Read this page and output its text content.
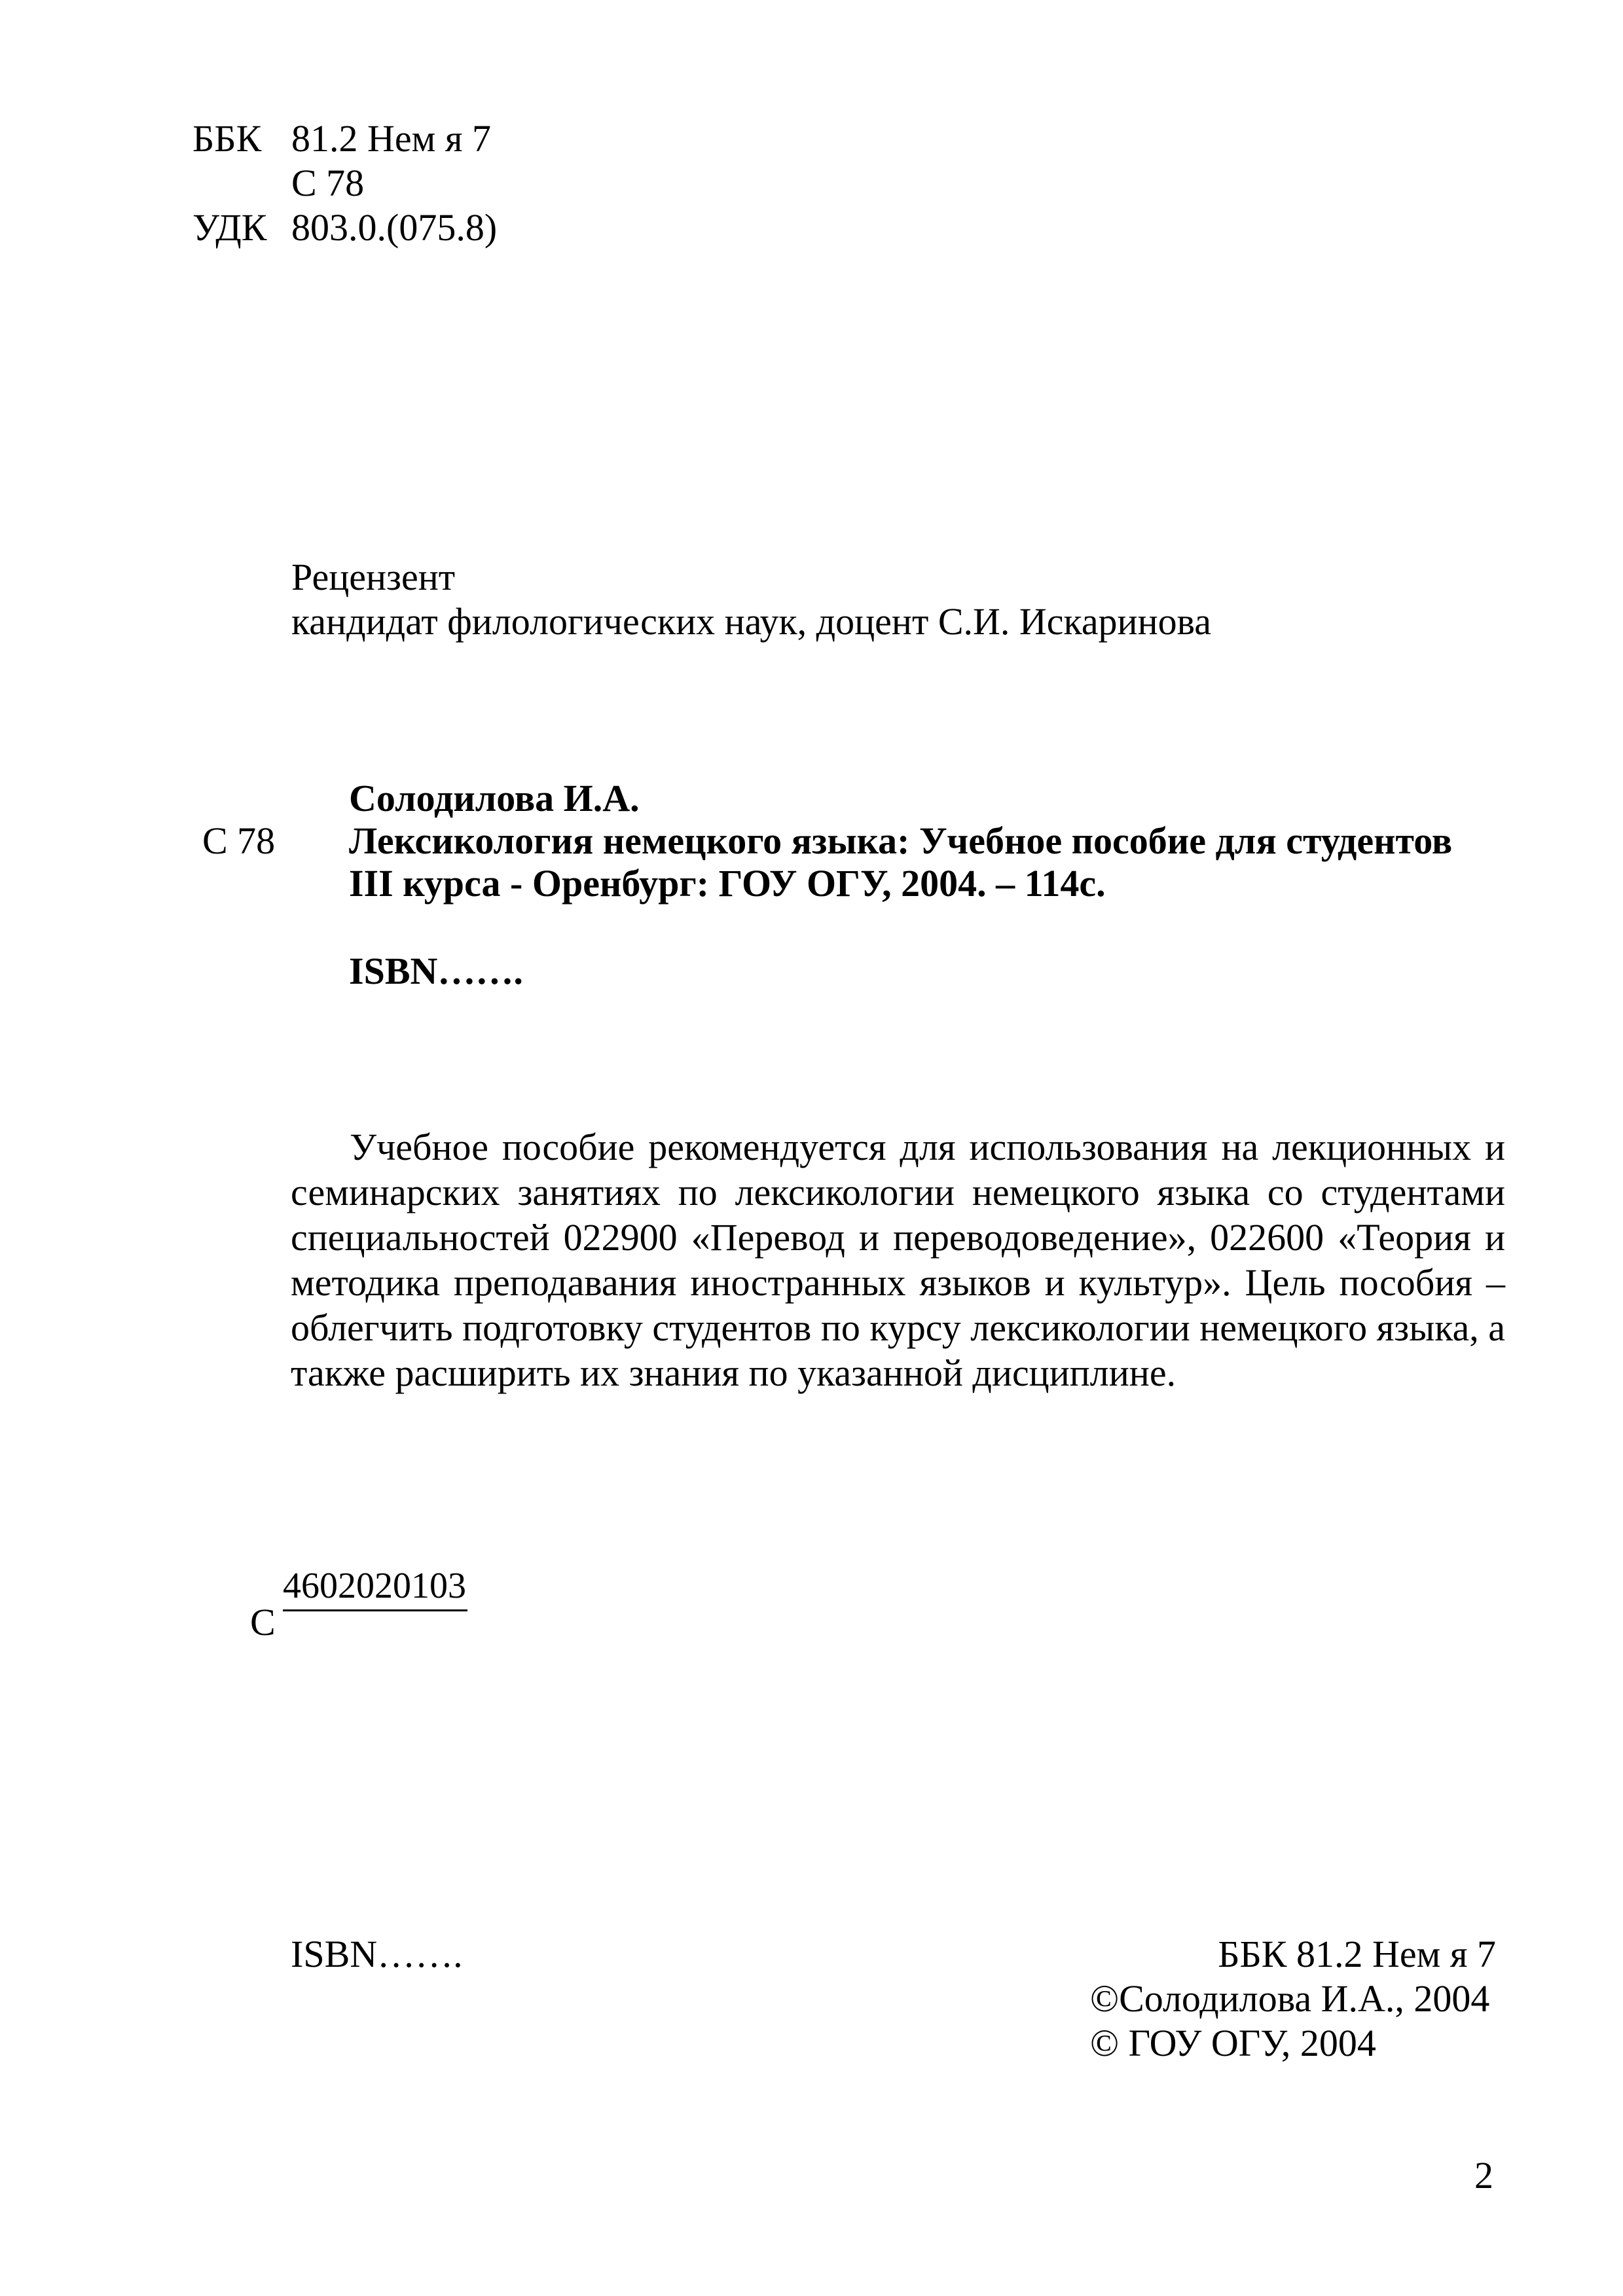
ББК 81.2 Нем я 7
С 78
УДК 803.0.(075.8)
Рецензент
кандидат филологических наук, доцент С.И. Искаринова
С 78
Солодилова И.А.
Лексикология немецкого языка: Учебное пособие для студентов
III курса - Оренбург: ГОУ ОГУ, 2004. – 114с.
ISBN…….

Учебное пособие рекомендуется для использования на лекционных и семинарских занятиях по лексикологии немецкого языка со студентами специальностей 022900 «Перевод и переводоведение», 022600 «Теория и методика преподавания иностранных языков и культур». Цель пособия – облегчить подготовку студентов по курсу лексикологии немецкого языка, а также расширить их знания по указанной дисциплине.

С
4602020103
ISBN…….	ББК 81.2 Нем я 7
©Солодилова И.А., 2004
© ГОУ ОГУ, 2004
2
